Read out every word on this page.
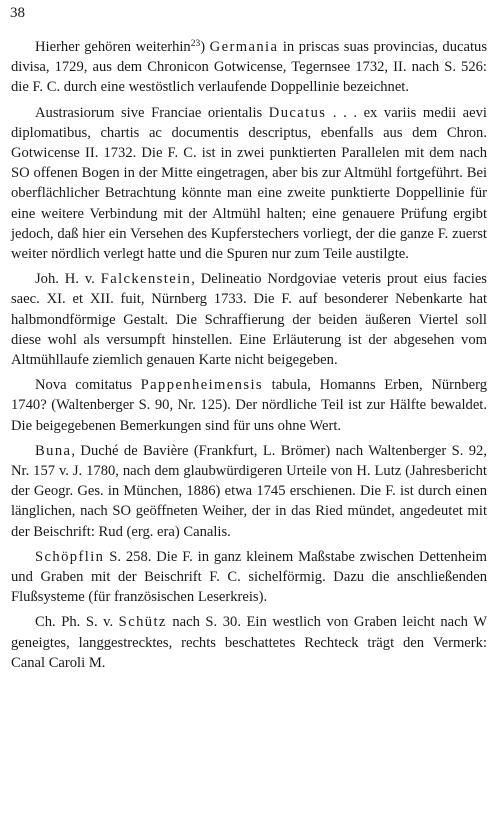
38

Hierher gehören weiterhin$^{23}$) Germania in priscas suas provincias, ducatus divisa, 1729, aus dem Chronicon Gotwicense, Tegernsee 1732, II. nach S. 526: die F. C. durch eine westöstlich verlaufende Doppellinie bezeichnet.

Austrasiorum sive Franciae orientalis Ducatus . . . ex variis medii aevi diplomatibus, chartis ac documentis descriptus, ebenfalls aus dem Chron. Gotwicense II. 1732. Die F. C. ist in zwei punktierten Parallelen mit dem nach SO offenen Bogen in der Mitte eingetragen, aber bis zur Altmühl fortgeführt. Bei oberflächlicher Betrachtung könnte man eine zweite punktierte Doppellinie für eine weitere Verbindung mit der Altmühl halten; eine genauere Prüfung ergibt jedoch, daß hier ein Versehen des Kupferstechers vorliegt, der die ganze F. zuerst weiter nördlich verlegt hatte und die Spuren nur zum Teile austilgte.

Joh. H. v. Falckenstein, Delineatio Nordgoviae veteris prout eius facies saec. XI. et XII. fuit, Nürnberg 1733. Die F. auf besonderer Nebenkarte hat halbmondförmige Gestalt. Die Schraffierung der beiden äußeren Viertel soll diese wohl als versumpft hinstellen. Eine Erläuterung ist der abgesehen vom Altmühllaufe ziemlich genauen Karte nicht beigegeben.

Nova comitatus Pappenheimensis tabula, Homanns Erben, Nürnberg 1740? (Waltenberger S. 90, Nr. 125). Der nördliche Teil ist zur Hälfte bewaldet. Die beigegebenen Bemerkungen sind für uns ohne Wert.

Buna, Duché de Bavière (Frankfurt, L. Brömer) nach Waltenberger S. 92, Nr. 157 v. J. 1780, nach dem glaubwürdigeren Urteile von H. Lutz (Jahresbericht der Geogr. Ges. in München, 1886) etwa 1745 erschienen. Die F. ist durch einen länglichen, nach SO geöffneten Weiher, der in das Ried mündet, angedeutet mit der Beischrift: Rud (erg. era) Canalis.

Schöpflin S. 258. Die F. in ganz kleinem Maßstabe zwischen Dettenheim und Graben mit der Beischrift F. C. sichelförmig. Dazu die anschließenden Flußsysteme (für französischen Leserkreis).

Ch. Ph. S. v. Schütz nach S. 30. Ein westlich von Graben leicht nach W geneigtes, langgestrecktes, rechts beschattetes Rechteck trägt den Vermerk: Canal Caroli M.
